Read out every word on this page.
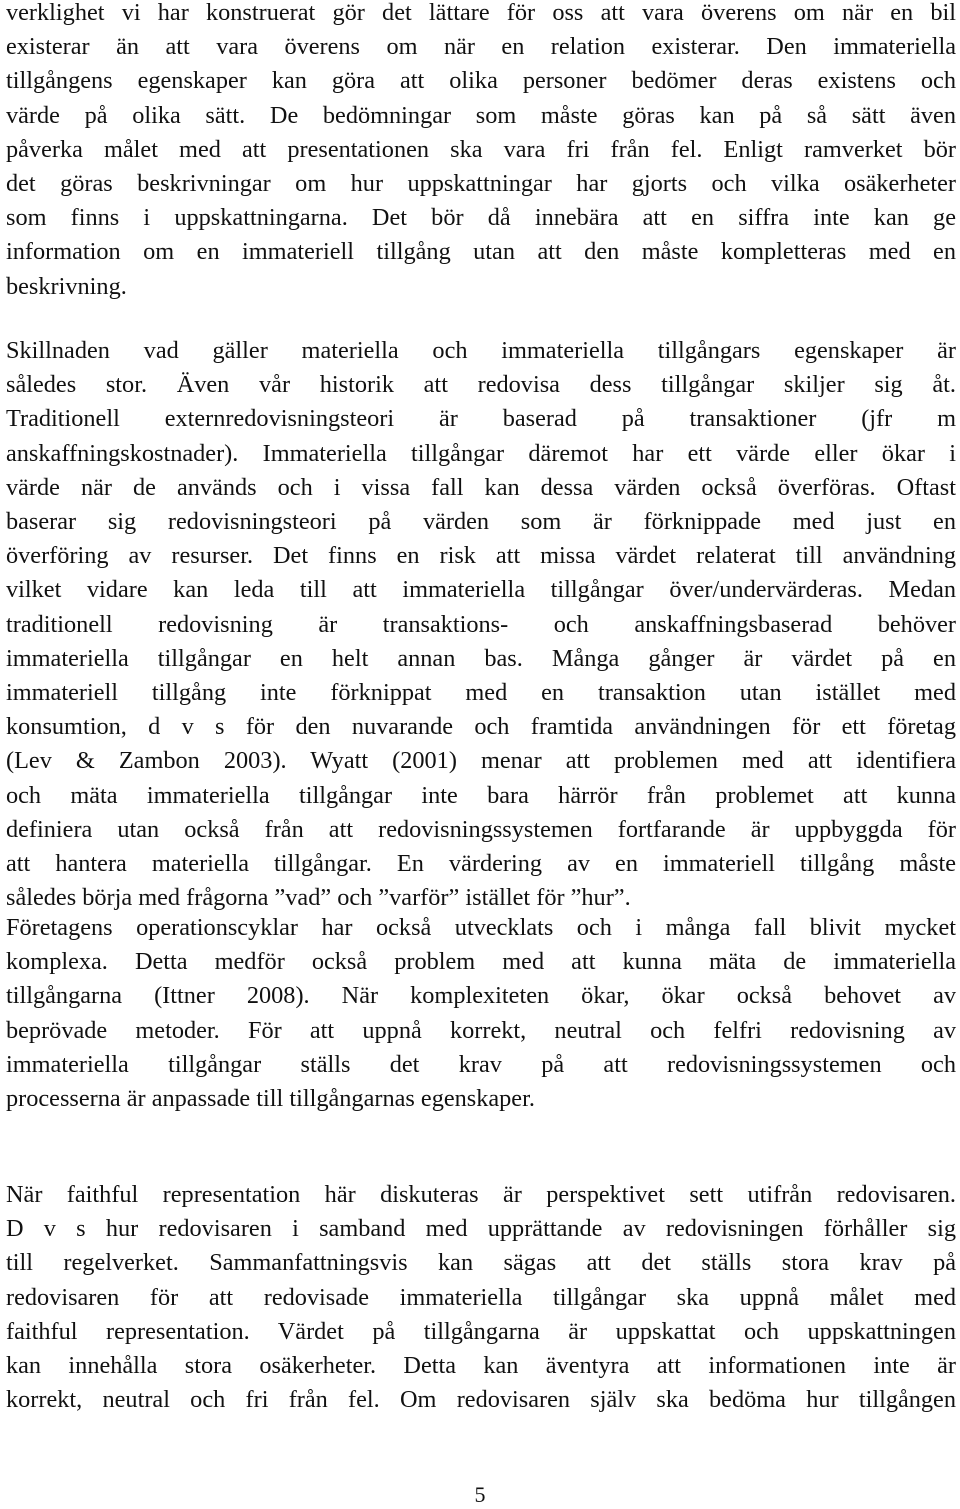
verklighet vi har konstruerat gör det lättare för oss att vara överens om när en bil
existerar än att vara överens om när en relation existerar. Den immateriella
tillgångens egenskaper kan göra att olika personer bedömer deras existens och
värde på olika sätt. De bedömningar som måste göras kan på så sätt även
påverka målet med att presentationen ska vara fri från fel. Enligt ramverket bör
det göras beskrivningar om hur uppskattningar har gjorts och vilka osäkerheter
som finns i uppskattningarna. Det bör då innebära att en siffra inte kan ge
information om en immateriell tillgång utan att den måste kompletteras med en
beskrivning.
Skillnaden vad gäller materiella och immateriella tillgångars egenskaper är
således stor. Även vår historik att redovisa dess tillgångar skiljer sig åt.
Traditionell externredovisningsteori är baserad på transaktioner (jfr m
anskaffningskostnader). Immateriella tillgångar däremot har ett värde eller ökar i
värde när de används och i vissa fall kan dessa värden också överföras. Oftast
baserar sig redovisningsteori på värden som är förknippade med just en
överföring av resurser. Det finns en risk att missa värdet relaterat till användning
vilket vidare kan leda till att immateriella tillgångar över/undervärderas. Medan
traditionell redovisning är transaktions- och anskaffningsbaserad behöver
immateriella tillgångar en helt annan bas. Många gånger är värdet på en
immateriell tillgång inte förknippat med en transaktion utan istället med
konsumtion, d v s för den nuvarande och framtida användningen för ett företag
(Lev & Zambon 2003). Wyatt (2001) menar att problemen med att identifiera
och mäta immateriella tillgångar inte bara härrör från problemet att kunna
definiera utan också från att redovisningssystemen fortfarande är uppbyggda för
att hantera materiella tillgångar. En värdering av en immateriell tillgång måste
således börja med frågorna ”vad” och ”varför” istället för ”hur”.
Företagens operationscyklar har också utvecklats och i många fall blivit mycket
komplexa. Detta medför också problem med att kunna mäta de immateriella
tillgångarna (Ittner 2008). När komplexiteten ökar, ökar också behovet av
beprövade metoder. För att uppnå korrekt, neutral och felfri redovisning av
immateriella tillgångar ställs det krav på att redovisningssystemen och
processerna är anpassade till tillgångarnas egenskaper.
När faithful representation här diskuteras är perspektivet sett utifrån redovisaren.
D v s hur redovisaren i samband med upprättande av redovisningen förhåller sig
till regelverket. Sammanfattningsvis kan sägas att det ställs stora krav på
redovisaren för att redovisade immateriella tillgångar ska uppnå målet med
faithful representation. Värdet på tillgångarna är uppskattat och uppskattningen
kan innehålla stora osäkerheter. Detta kan äventyra att informationen inte är
korrekt, neutral och fri från fel. Om redovisaren själv ska bedöma hur tillgången
5
